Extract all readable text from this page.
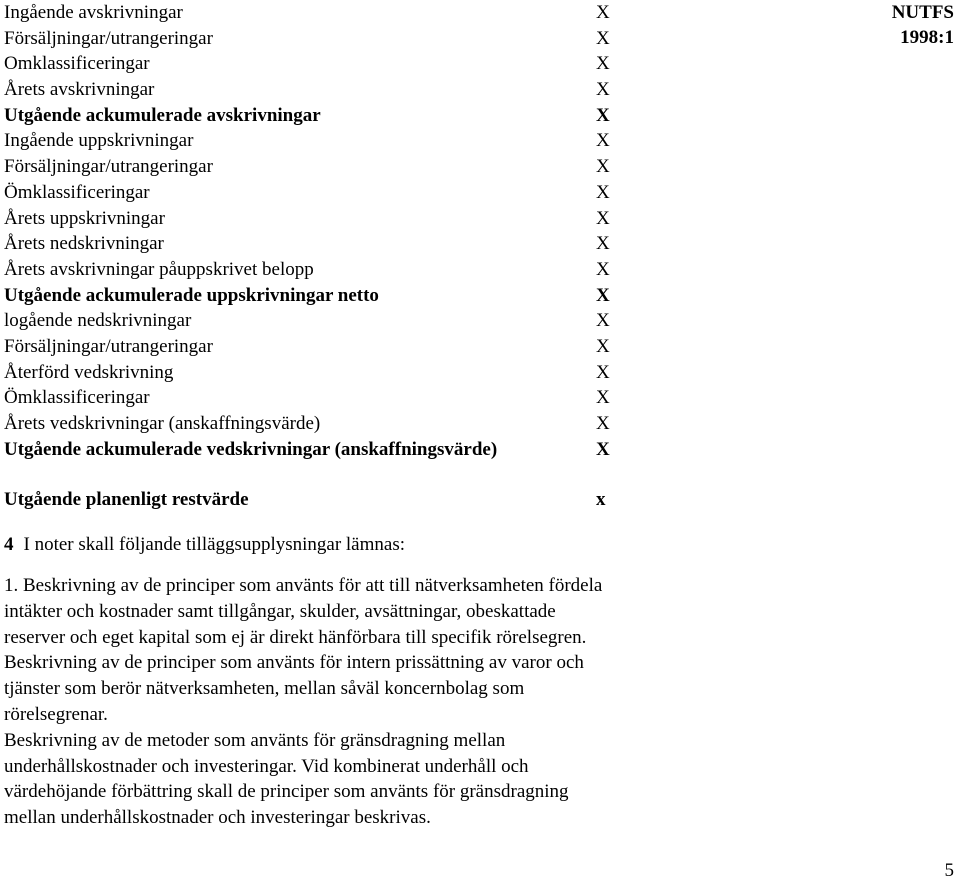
NUTFS
1998:1
Ingående avskrivningar	X
Försäljningar/utrangeringar	X
Omklassificeringar	X
Årets avskrivningar	X
Utgående ackumulerade avskrivningar	X
Ingående uppskrivningar	X
Försäljningar/utrangeringar	X
Ömklassificeringar	X
Årets uppskrivningar	X
Årets nedskrivningar	X
Årets avskrivningar påuppskrivet belopp	X
Utgående ackumulerade uppskrivningar netto	X
logående nedskrivningar	X
Försäljningar/utrangeringar	X
Återförd vedskrivning	X
Ömklassificeringar	X
Årets vedskrivningar (anskaffningsvärde)	X
Utgående ackumulerade vedskrivningar (anskaffningsvärde)	X
Utgående planenligt restvärde	x
4 I noter skall följande tilläggsupplysningar lämnas:

1. Beskrivning av de principer som använts för att till nätverksamheten fördela intäkter och kostnader samt tillgångar, skulder, avsättningar, obeskattade reserver och eget kapital som ej är direkt hänförbara till specifik rörelsegren.

Beskrivning av de principer som använts för intern prissättning av varor och tjänster som berör nätverksamheten, mellan såväl koncernbolag som rörelsegrenar.

Beskrivning av de metoder som använts för gränsdragning mellan underhållskostnader och investeringar. Vid kombinerat underhåll och värdehöjande förbättring skall de principer som använts för gränsdragning mellan underhållskostnader och investeringar beskrivas.

5
